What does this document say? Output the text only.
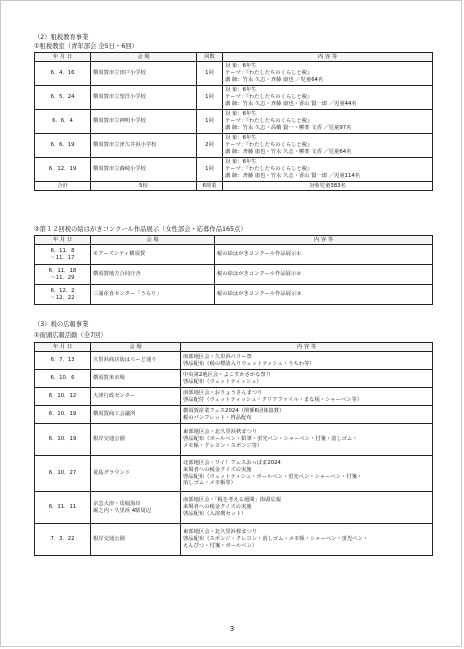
（2）租税教育事業
①租税教室（青年部会 全5日・6回）
年 月 日	会 場	回数	内 容 等
6．4．16	横須賀市立田戸小学校	1回	対 象：6年生
テーマ：『わたしたちのくらしと税』
講 師：竹永 久志・斉藤 康也 ／児童64名

6．5．24	横須賀市立望洋小学校	1回	対 象：6年生
テーマ：『わたしたちのくらしと税』
講 師：竹永 久志・斉藤 康也・香山 賢一郎 ／児童44名

6．6．4	横須賀市立神明小学校	1回	対 象：6年生
テーマ：『わたしたちのくらしと税』
講 師：竹永 久志・高橋 賢一・柳楽 文香 ／児童97名

6．6．19	横須賀市立津久井浜小学校	2回	対 象：6年生
テーマ：『わたしたちのくらしと税』
講 師：斉藤 康也・竹永 久志・柳楽 文香 ／児童64名

6．12．19	横須賀市立森崎小学校	1回	対 象：6年生
テーマ：『わたしたちのくらしと税』
講 師：斉藤 康也・竹永 久志・香山 賢一郎 ／児童114名

合計	5校	6授業	対象児童383名
②第１２回税の絵はがきコンクール作品展示（女性部会・応募作品165点）
年 月 日	会 場	内 容 等

6．11．8
～11．17	モアーズシティ横須賀	税の絵はがきコンクール作品展示①

6．11．18
～11．29	横須賀地方合同庁舎	税の絵はがきコンクール作品展示②

6．12．2
～12．22	三浦産直センター「うらり」	税の絵はがきコンクール作品展示③
（3）税の広報事業
①街頭広報活動（全7回）
年 月 日	会 場	内 容 等
6．7．13	久里浜商店街はろーど通り	南部地区会・久里浜ペリー祭
啓品配布（税の標語入りウェットティシュ・うちわ等）

6．10．6	横須賀米市場	中央第2地区会・よこすかさかな祭り
啓品配布（ウェットティッシュ）

6．10．12	大津行政センター	南部地区会・おりょうさんまつり
啓品配付（ウェットティッシュ・クリアファイル・まな板・シャーペン等）

6．10．19	横須賀商工会議所	横須賀産業フェス2024（関係6団体協賛）
税のパンフレット・啓品配布

6．10．19	根岸交通公園	東部地区会・北久里浜秋まつり
啓品配布（ボールペン・鉛筆・蛍光ペン・シャーペン・付箋・消しゴム・
メモ帳・クレヨン・スポンジ等）

6．10．27	夏島グラウンド	北部地区会・ワイ！フェスおっぱま2024
来場者への税金クイズの実施
啓品配布（ウェットティシュ・ボールペン・蛍光ペン・シャーペン・付箋・
消しゴム・メモ帳等）

6．11．11	京急大津・馬堀海岸
堀之内・久里浜 4駅周辺	南部地区会・「税を考える週間」街頭広報
来場者への税金クイズの実施
啓品配布（入浴剤セット）

7．3．22	根岸交通公園	東部地区会・北久里浜桜まつり
啓品配布（スポンジ・クレヨン・消しゴム・メモ帳・シャーペン・蛍光ペン・
えんぴつ・付箋・ボールペン）
3
